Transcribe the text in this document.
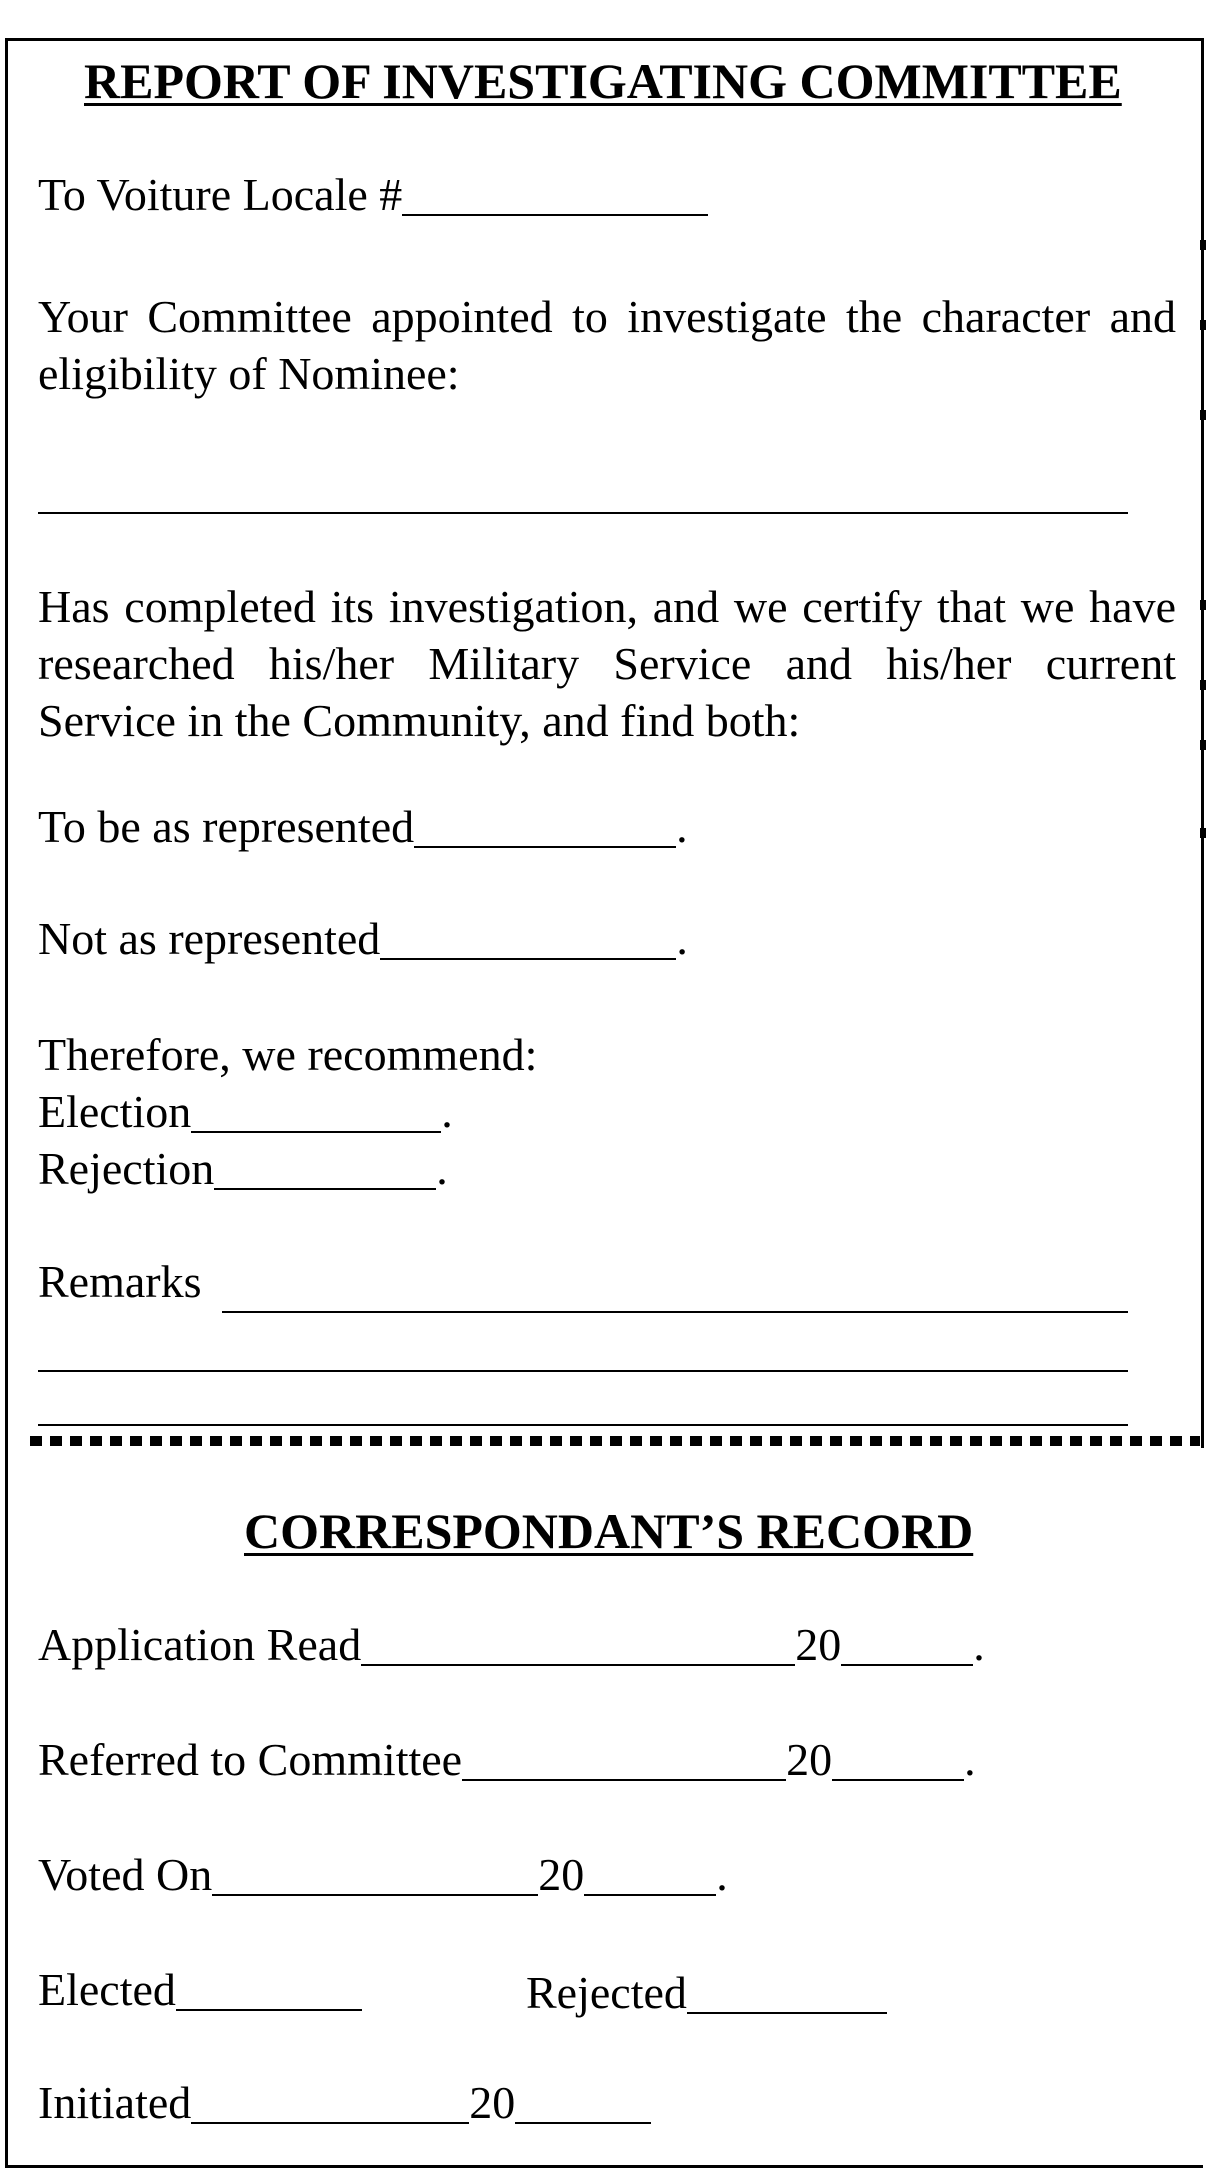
REPORT OF INVESTIGATING COMMITTEE
To Voiture Locale #
Your Committee appointed to investigate the character and eligibility of Nominee:
Has completed its investigation, and we certify that we have researched his/her Military Service and his/her current Service in the Community, and find both:
To be as represented	.
Not as represented	.
Therefore, we recommend:
Election	.
Rejection	.
Remarks
CORRESPONDANT’S RECORD
Application Read	20	.
Referred to Committee	20	.
Voted On	20	.
Elected	Rejected
Initiated	20
